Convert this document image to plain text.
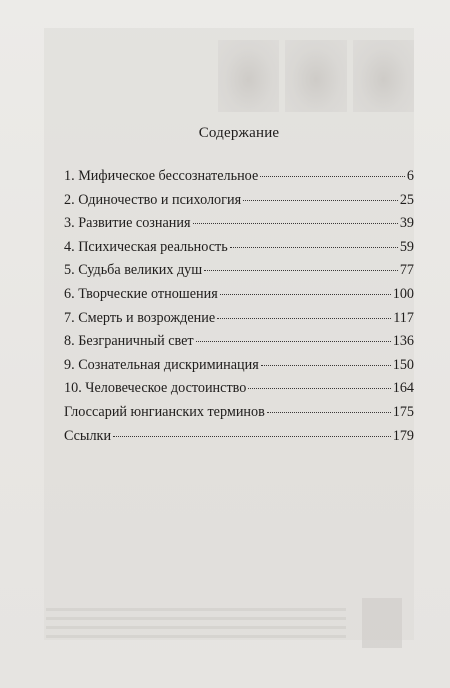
Содержание
1. Мифическое бессознательное	6
2. Одиночество и психология	25
3. Развитие сознания	39
4. Психическая реальность	59
5. Судьба великих душ	77
6. Творческие отношения	100
7. Смерть и возрождение	117
8. Безграничный свет	136
9. Сознательная дискриминация	150
10. Человеческое достоинство	164
Глоссарий юнгианских терминов	175
Ссылки	179
